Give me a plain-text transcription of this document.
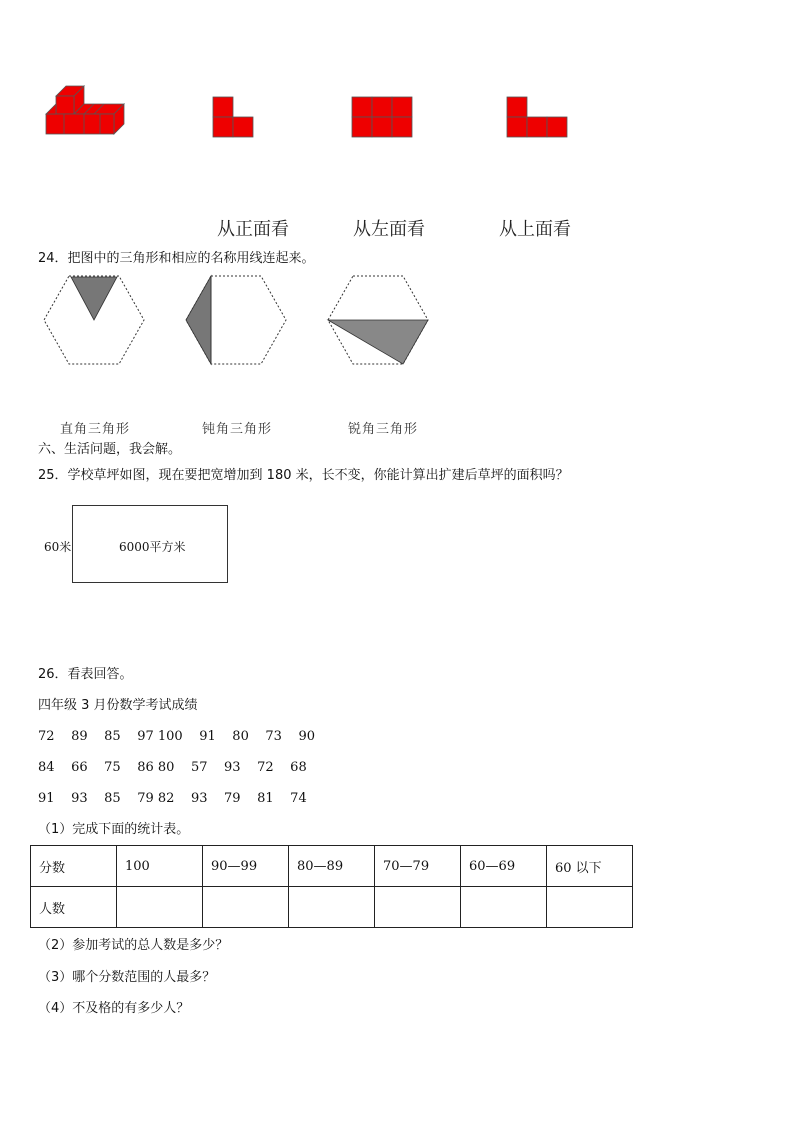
从正面看	从左面看	从上面看
24．把图中的三角形和相应的名称用线连起来。
直角三角形	钝角三角形	锐角三角形
六、生活问题，我会解。
25．学校草坪如图，现在要把宽增加到 180 米，长不变，你能计算出扩建后草坪的面积吗？
60米	6000平方米
26．看表回答。
四年级 3 月份数学考试成绩
72    89    85    97 100    91    80    73    90
84    66    75    86 80    57    93    72    68
91    93    85    79 82    93    79    81    74
（1）完成下面的统计表。
分数	100	90—99	80—89	70—79	60—69	60 以下
人数						
（2）参加考试的总人数是多少？
（3）哪个分数范围的人最多？
（4）不及格的有多少人？
